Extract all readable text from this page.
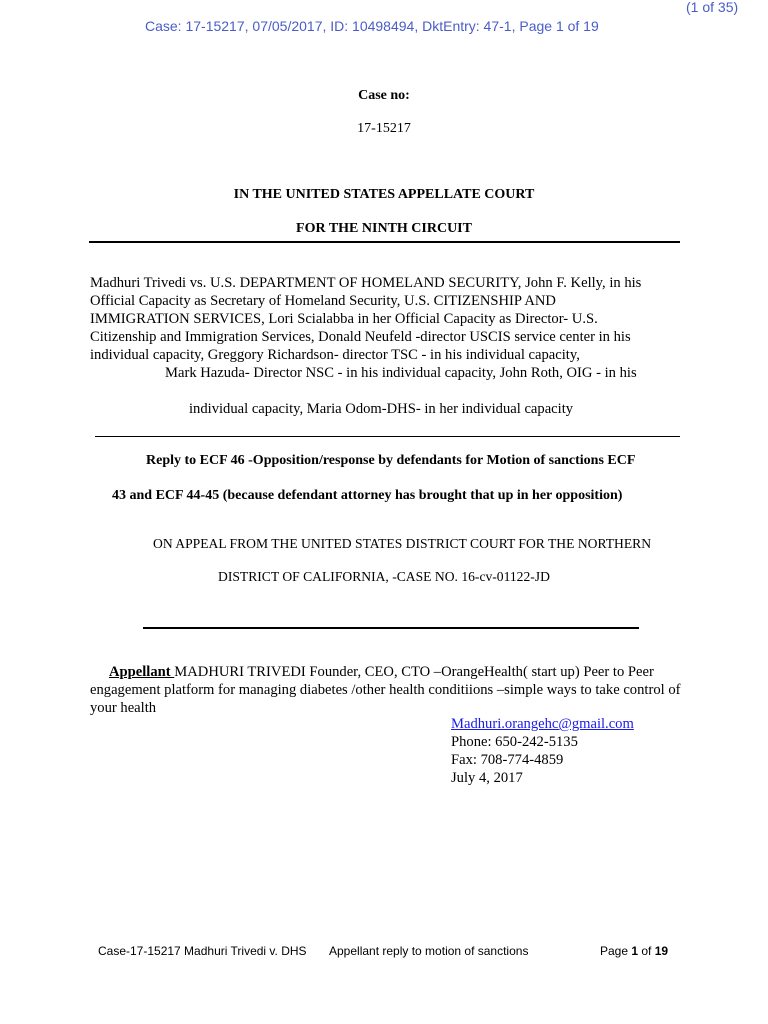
(1 of 35)
Case: 17-15217, 07/05/2017, ID: 10498494, DktEntry: 47-1, Page 1 of 19
Case no:
17-15217
IN THE UNITED STATES APPELLATE COURT
FOR THE NINTH CIRCUIT
Madhuri Trivedi vs. U.S. DEPARTMENT OF HOMELAND SECURITY, John F. Kelly, in his
Official Capacity as Secretary of Homeland Security, U.S. CITIZENSHIP AND
IMMIGRATION SERVICES, Lori Scialabba in her Official Capacity as Director- U.S.
Citizenship and Immigration Services, Donald Neufeld -director USCIS service center in his
individual capacity, Greggory Richardson- director TSC - in his individual capacity,
Mark Hazuda- Director NSC - in his individual capacity, John Roth, OIG - in his
individual capacity, Maria Odom-DHS- in her individual capacity
Reply to ECF 46 -Opposition/response by defendants for Motion of sanctions ECF
43 and ECF 44-45 (because defendant attorney has brought that up in her opposition)
ON APPEAL FROM THE UNITED STATES DISTRICT COURT FOR THE NORTHERN
DISTRICT OF CALIFORNIA, -CASE NO. 16-cv-01122-JD
Appellant MADHURI TRIVEDI Founder, CEO, CTO –OrangeHealth( start up) Peer to Peer
engagement platform for managing diabetes /other health conditiions –simple ways to take control of
your health
Madhuri.orangehc@gmail.com
Phone: 650-242-5135
Fax: 708-774-4859
July 4, 2017
Case-17-15217 Madhuri Trivedi v. DHS Appellant reply to motion of sanctions	Page 1 of 19
